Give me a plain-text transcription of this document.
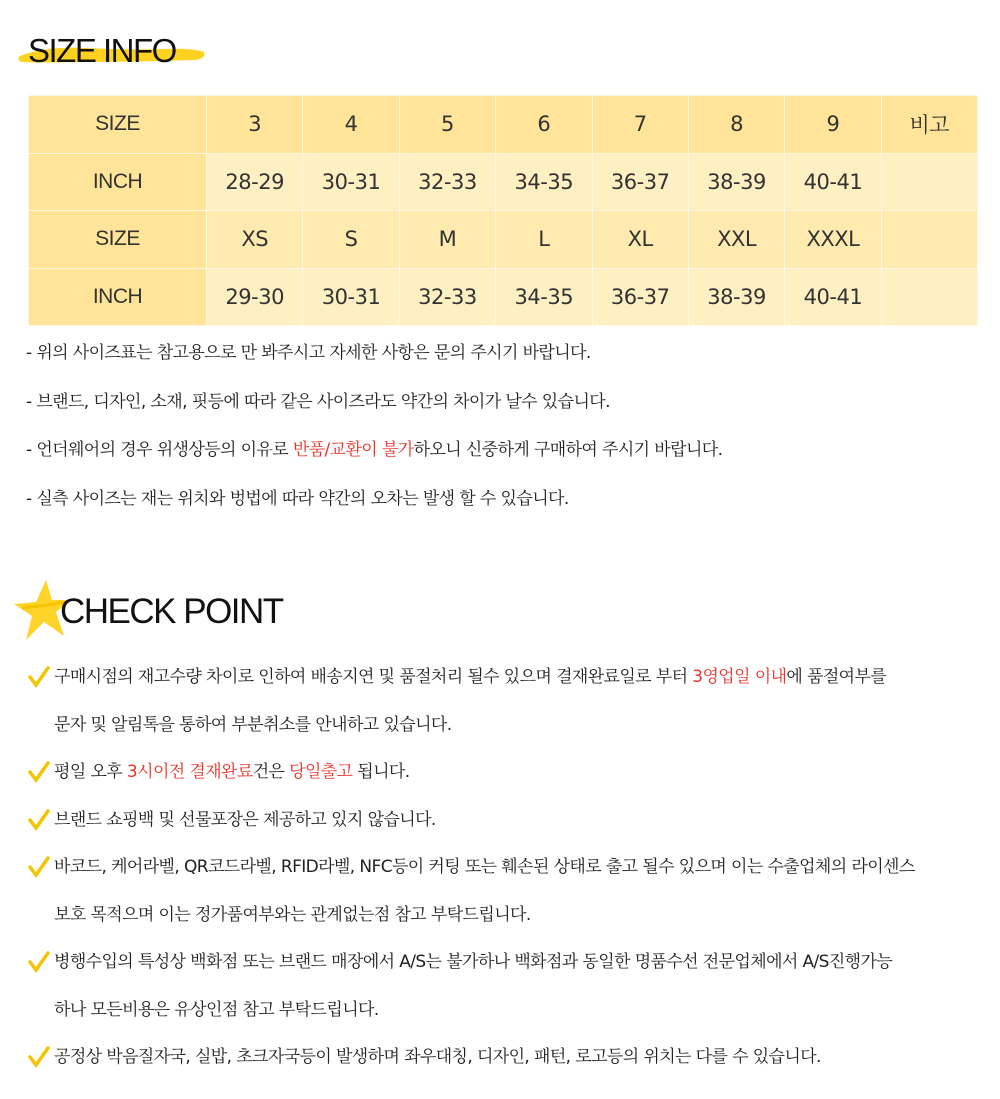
SIZE INFO
SIZE	3	4	5	6	7	8	9	비고
INCH	28-29	30-31	32-33	34-35	36-37	38-39	40-41	
SIZE	XS	S	M	L	XL	XXL	XXXL	
INCH	29-30	30-31	32-33	34-35	36-37	38-39	40-41	
- 위의 사이즈표는 참고용으로 만 봐주시고 자세한 사항은 문의 주시기 바랍니다.
- 브랜드, 디자인, 소재, 핏등에 따라 같은 사이즈라도 약간의 차이가 날수 있습니다.
- 언더웨어의 경우 위생상등의 이유로 반품/교환이 불가하오니 신중하게 구매하여 주시기 바랍니다.
- 실측 사이즈는 재는 위치와 벙법에 따라 약간의 오차는 발생 할 수 있습니다.
CHECK POINT
구매시점의 재고수량 차이로 인하여 배송지연 및 품절처리 될수 있으며 결재완료일로 부터 3영업일 이내에 품절여부를
문자 및 알림톡을 통하여 부분취소를 안내하고 있습니다.
평일 오후 3시이전 결재완료건은 당일출고 됩니다.
브랜드 쇼핑백 및 선물포장은 제공하고 있지 않습니다.
바코드, 케어라벨, QR코드라벨, RFID라벨, NFC등이 커팅 또는 훼손된 상태로 출고 될수 있으며 이는 수출업체의 라이센스
보호 목적으며 이는 정가품여부와는 관계없는점 참고 부탁드립니다.
병행수입의 특성상 백화점 또는 브랜드 매장에서 A/S는 불가하나 백화점과 동일한 명품수선 전문업체에서 A/S진행가능
하나 모든비용은 유상인점 참고 부탁드립니다.
공정상 박음질자국, 실밥, 초크자국등이 발생하며 좌우대칭, 디자인, 패턴, 로고등의 위치는 다를 수 있습니다.
